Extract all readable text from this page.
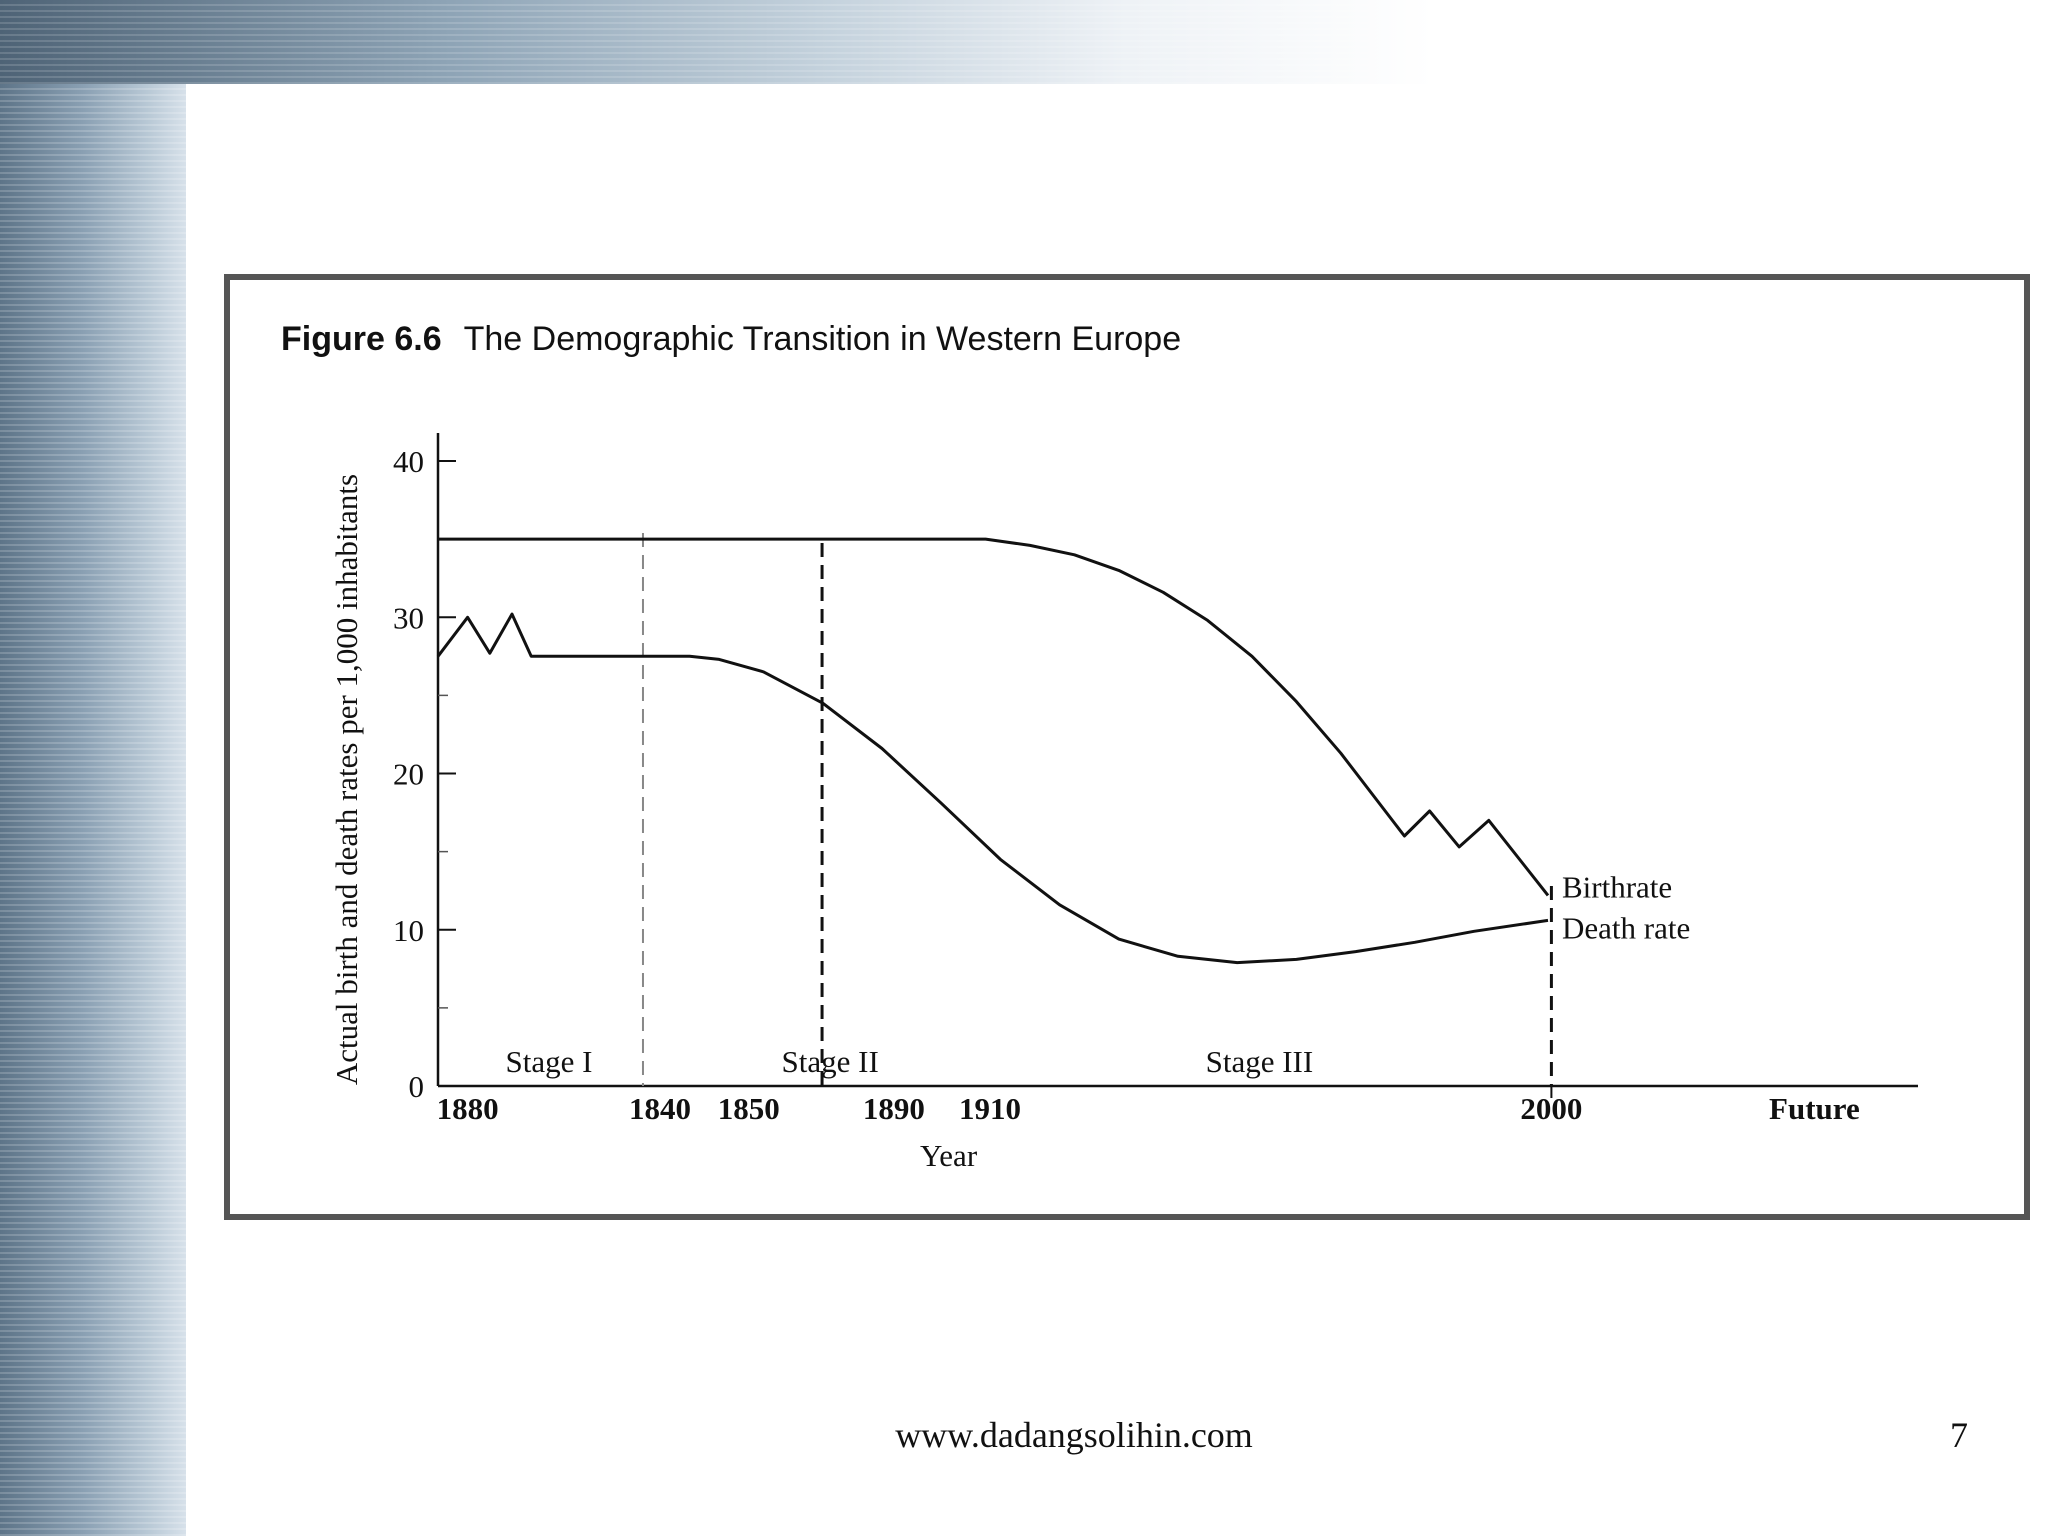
Figure 6.6 The Demographic Transition in Western Europe
0
10
20
30
40
Stage I	Stage II	Stage III
1880	1840 1850	1890 1910	2000	Future
Year
Actual birth and death rates per 1,000 inhabitants	Birthrate
Death rate
www.dadangsolihin.com	7
